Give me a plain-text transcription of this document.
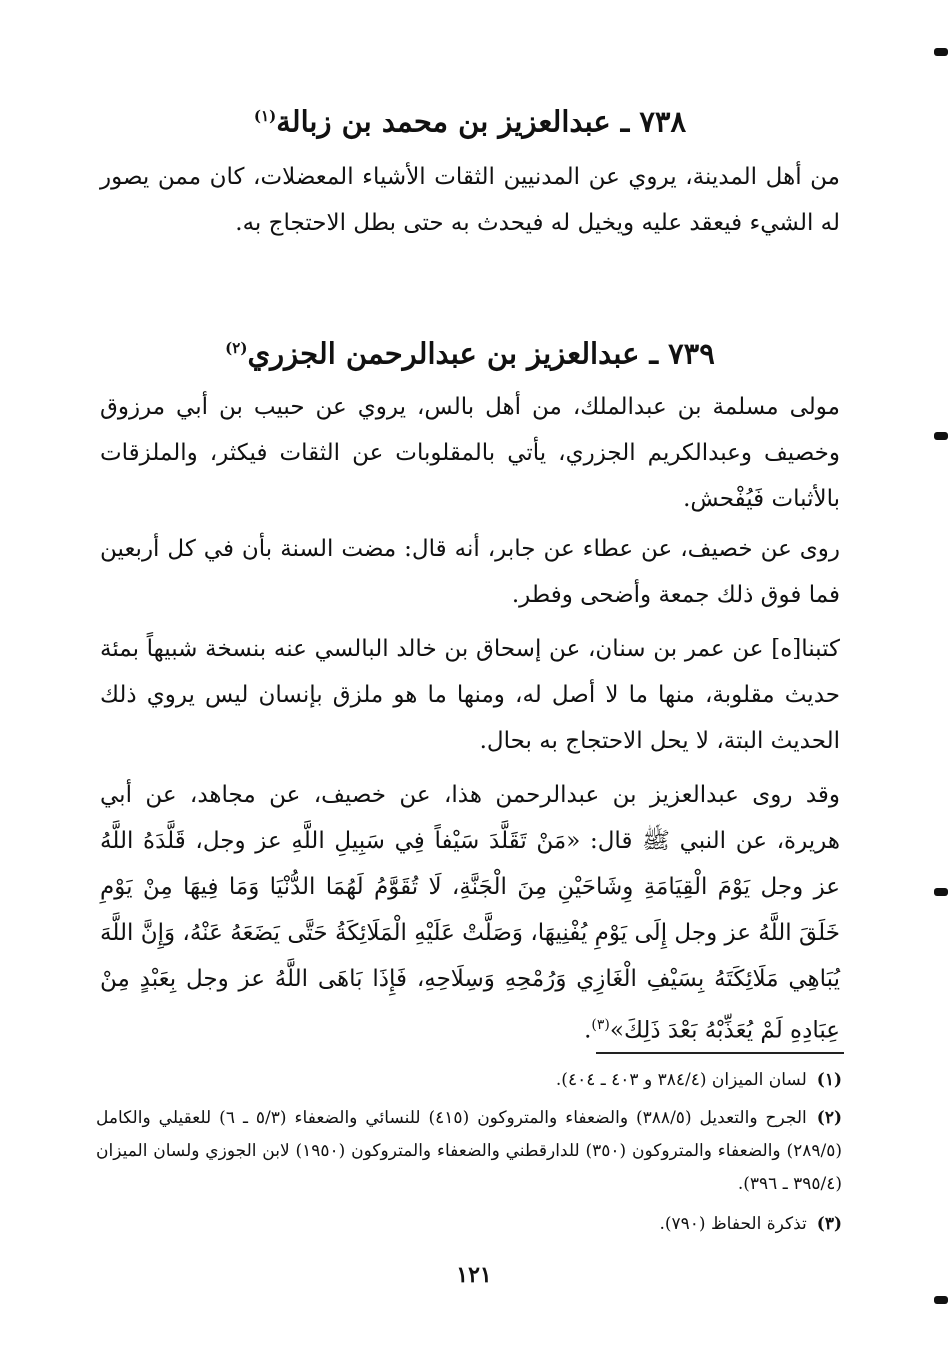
٧٣٨ ـ عبدالعزيز بن محمد بن زبالة$^{(١)}$
من أهل المدينة، يروي عن المدنيين الثقات الأشياء المعضلات، كان ممن يصور له الشيء فيعقد عليه ويخيل له فيحدث به حتى بطل الاحتجاج به.
٧٣٩ ـ عبدالعزيز بن عبدالرحمن الجزري$^{(٢)}$
مولى مسلمة بن عبدالملك، من أهل بالس، يروي عن حبيب بن أبي مرزوق وخصيف وعبدالكريم الجزري، يأتي بالمقلوبات عن الثقات فيكثر، والملزقات بالأثبات فَيُفْحش.
روى عن خصيف، عن عطاء عن جابر، أنه قال: مضت السنة بأن في كل أربعين فما فوق ذلك جمعة وأضحى وفطر.
كتبنا[ه] عن عمر بن سنان، عن إسحاق بن خالد البالسي عنه بنسخة شبيهاً بمئة حديث مقلوبة، منها ما لا أصل له، ومنها ما هو ملزق بإنسان ليس يروي ذلك الحديث البتة، لا يحل الاحتجاج به بحال.
وقد روى عبدالعزيز بن عبدالرحمن هذا، عن خصيف، عن مجاهد، عن أبي هريرة، عن النبي ﷺ قال: «مَنْ تَقَلَّدَ سَيْفاً فِي سَبِيلِ اللَّهِ عز وجل، قَلَّدَهُ اللَّهُ عز وجل يَوْمَ الْقِيَامَةِ وِشَاحَيْنِ مِنَ الْجَنَّةِ، لَا تُقَوَّمُ لَهُمَا الدُّنْيَا وَمَا فِيهَا مِنْ يَوْمِ خَلَقَ اللَّهُ عز وجل إِلَى يَوْمِ يُفْنِيهَا، وَصَلَّتْ عَلَيْهِ الْمَلَائِكَةُ حَتَّى يَضَعَهُ عَنْهُ، وَإِنَّ اللَّهَ يُبَاهِي مَلَائِكَتَهُ بِسَيْفِ الْغَازِي وَرُمْحِهِ وَسِلَاحِهِ، فَإِذَا بَاهَى اللَّهُ عز وجل بِعَبْدٍ مِنْ عِبَادِهِ لَمْ يُعَذِّبْهُ بَعْدَ ذَلِكَ»$^{(٣)}$.
(١)لسان الميزان (٣٨٤/٤ و ٤٠٣ ـ ٤٠٤).
(٢)الجرح والتعديل (٣٨٨/٥) والضعفاء والمتروكون (٤١٥) للنسائي والضعفاء (٥/٣ ـ ٦) للعقيلي والكامل (٢٨٩/٥) والضعفاء والمتروكون (٣٥٠) للدارقطني والضعفاء والمتروكون (١٩٥٠) لابن الجوزي ولسان الميزان (٣٩٥/٤ ـ ٣٩٦).
(٣)تذكرة الحفاظ (٧٩٠).
١٢١
